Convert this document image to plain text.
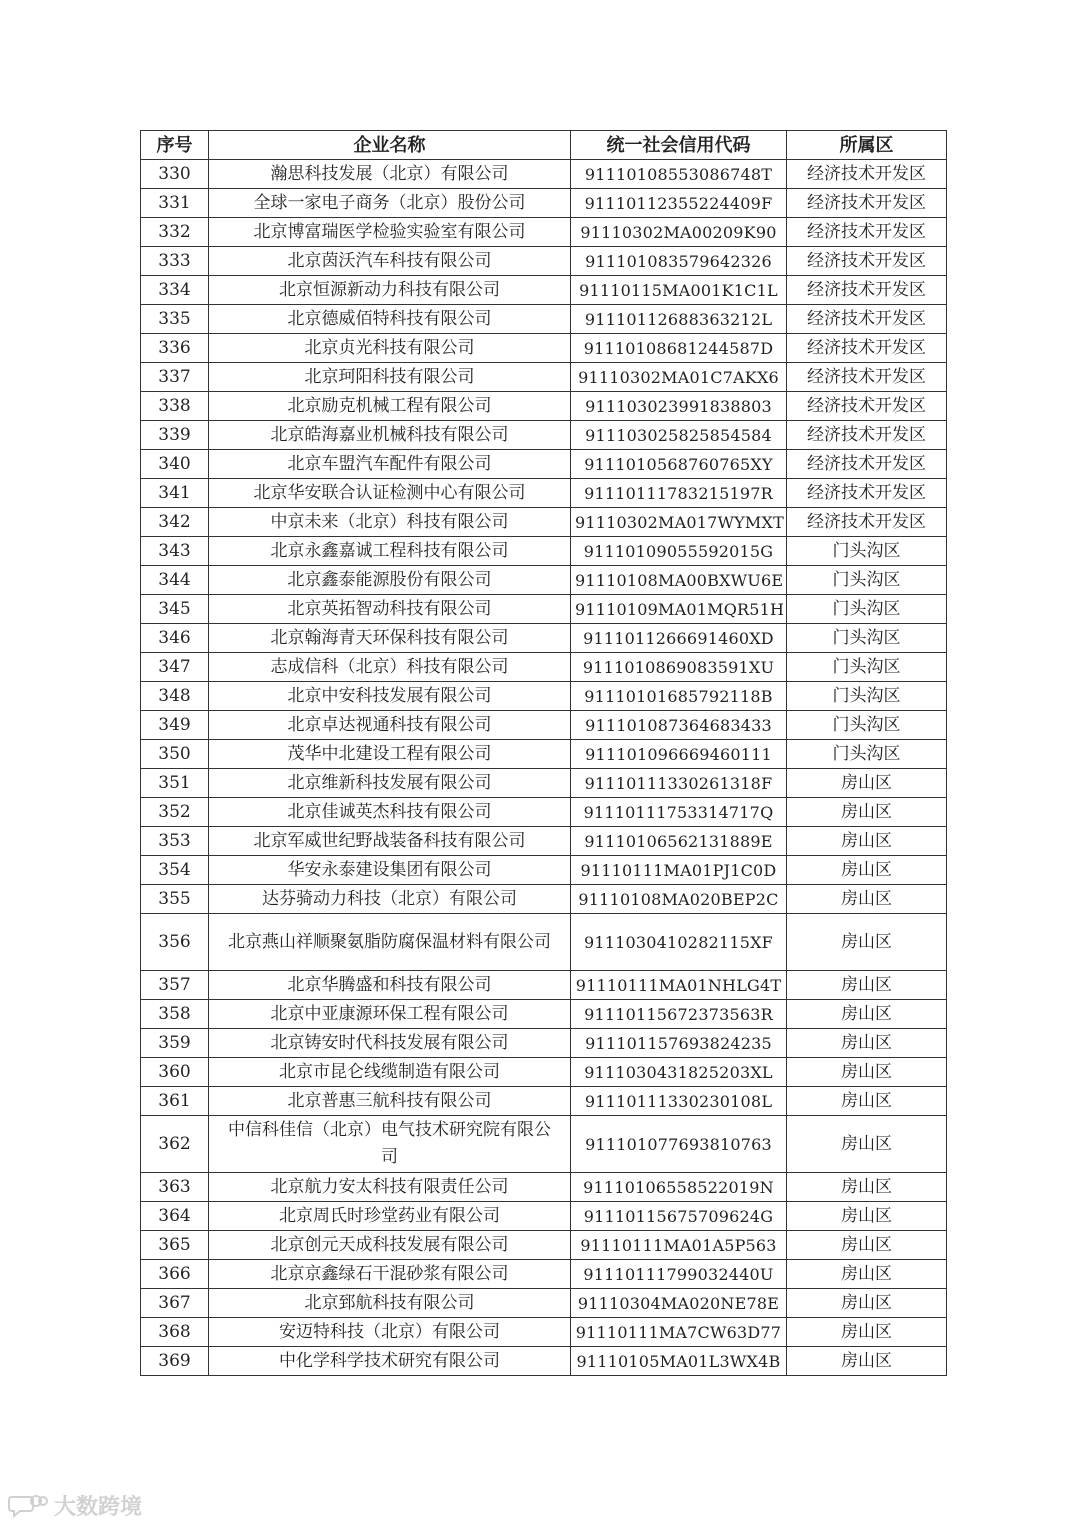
序号	企业名称	统一社会信用代码	所属区
330	瀚思科技发展（北京）有限公司	91110108553086748T	经济技术开发区
331	全球一家电子商务（北京）股份公司	91110112355224409F	经济技术开发区
332	北京博富瑞医学检验实验室有限公司	91110302MA00209K90	经济技术开发区
333	北京茵沃汽车科技有限公司	911101083579642326	经济技术开发区
334	北京恒源新动力科技有限公司	91110115MA001K1C1L	经济技术开发区
335	北京德威佰特科技有限公司	91110112688363212L	经济技术开发区
336	北京贞光科技有限公司	91110108681244587D	经济技术开发区
337	北京珂阳科技有限公司	91110302MA01C7AKX6	经济技术开发区
338	北京励克机械工程有限公司	911103023991838803	经济技术开发区
339	北京皓海嘉业机械科技有限公司	911103025825854584	经济技术开发区
340	北京车盟汽车配件有限公司	9111010568760765XY	经济技术开发区
341	北京华安联合认证检测中心有限公司	91110111783215197R	经济技术开发区
342	中京未来（北京）科技有限公司	91110302MA017WYMXT	经济技术开发区
343	北京永鑫嘉诚工程科技有限公司	91110109055592015G	门头沟区
344	北京鑫泰能源股份有限公司	91110108MA00BXWU6E	门头沟区
345	北京英拓智动科技有限公司	91110109MA01MQR51H	门头沟区
346	北京翰海青天环保科技有限公司	9111011266691460XD	门头沟区
347	志成信科（北京）科技有限公司	9111010869083591XU	门头沟区
348	北京中安科技发展有限公司	91110101685792118B	门头沟区
349	北京卓达视通科技有限公司	911101087364683433	门头沟区
350	茂华中北建设工程有限公司	911101096669460111	门头沟区
351	北京维新科技发展有限公司	91110111330261318F	房山区
352	北京佳诚英杰科技有限公司	91110111753314717Q	房山区
353	北京军威世纪野战装备科技有限公司	91110106562131889E	房山区
354	华安永泰建设集团有限公司	91110111MA01PJ1C0D	房山区
355	达芬骑动力科技（北京）有限公司	91110108MA020BEP2C	房山区
356	北京燕山祥顺聚氨脂防腐保温材料有限公司	9111030410282115XF	房山区
357	北京华腾盛和科技有限公司	91110111MA01NHLG4T	房山区
358	北京中亚康源环保工程有限公司	91110115672373563R	房山区
359	北京铸安时代科技发展有限公司	911101157693824235	房山区
360	北京市昆仑线缆制造有限公司	9111030431825203XL	房山区
361	北京普惠三航科技有限公司	91110111330230108L	房山区
362	中信科佳信（北京）电气技术研究院有限公司	911101077693810763	房山区
363	北京航力安太科技有限责任公司	91110106558522019N	房山区
364	北京周氏时珍堂药业有限公司	91110115675709624G	房山区
365	北京创元天成科技发展有限公司	91110111MA01A5P563	房山区
366	北京京鑫绿石干混砂浆有限公司	91110111799032440U	房山区
367	北京郅航科技有限公司	91110304MA020NE78E	房山区
368	安迈特科技（北京）有限公司	91110111MA7CW63D77	房山区
369	中化学科学技术研究有限公司	91110105MA01L3WX4B	房山区
大数跨境
